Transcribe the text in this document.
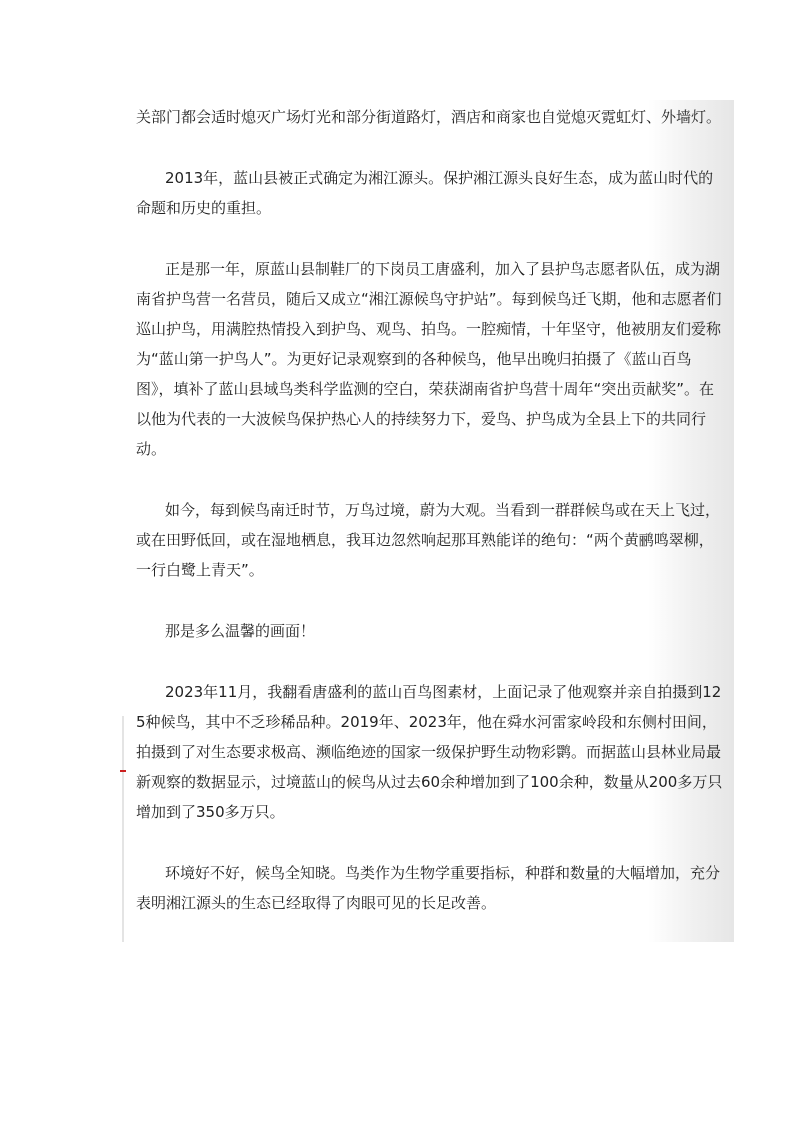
关部门都会适时熄灭广场灯光和部分街道路灯，酒店和商家也自觉熄灭霓虹灯、外墙灯。

2013年，蓝山县被正式确定为湘江源头。保护湘江源头良好生态，成为蓝山时代的命题和历史的重担。

正是那一年，原蓝山县制鞋厂的下岗员工唐盛利，加入了县护鸟志愿者队伍，成为湖南省护鸟营一名营员，随后又成立“湘江源候鸟守护站”。每到候鸟迁飞期，他和志愿者们巡山护鸟，用满腔热情投入到护鸟、观鸟、拍鸟。一腔痴情，十年坚守，他被朋友们爱称为“蓝山第一护鸟人”。为更好记录观察到的各种候鸟，他早出晚归拍摄了《蓝山百鸟图》，填补了蓝山县域鸟类科学监测的空白，荣获湖南省护鸟营十周年“突出贡献奖”。在以他为代表的一大波候鸟保护热心人的持续努力下，爱鸟、护鸟成为全县上下的共同行动。

如今，每到候鸟南迁时节，万鸟过境，蔚为大观。当看到一群群候鸟或在天上飞过，或在田野低回，或在湿地栖息，我耳边忽然响起那耳熟能详的绝句：“两个黄鹂鸣翠柳，一行白鹭上青天”。

那是多么温馨的画面！

2023年11月，我翻看唐盛利的蓝山百鸟图素材，上面记录了他观察并亲自拍摄到125种候鸟，其中不乏珍稀品种。2019年、2023年，他在舜水河雷家岭段和东侧村田间，拍摄到了对生态要求极高、濒临绝迹的国家一级保护野生动物彩鹮。而据蓝山县林业局最新观察的数据显示，过境蓝山的候鸟从过去60余种增加到了100余种，数量从200多万只增加到了350多万只。

环境好不好，候鸟全知晓。鸟类作为生物学重要指标，种群和数量的大幅增加，充分表明湘江源头的生态已经取得了肉眼可见的长足改善。
